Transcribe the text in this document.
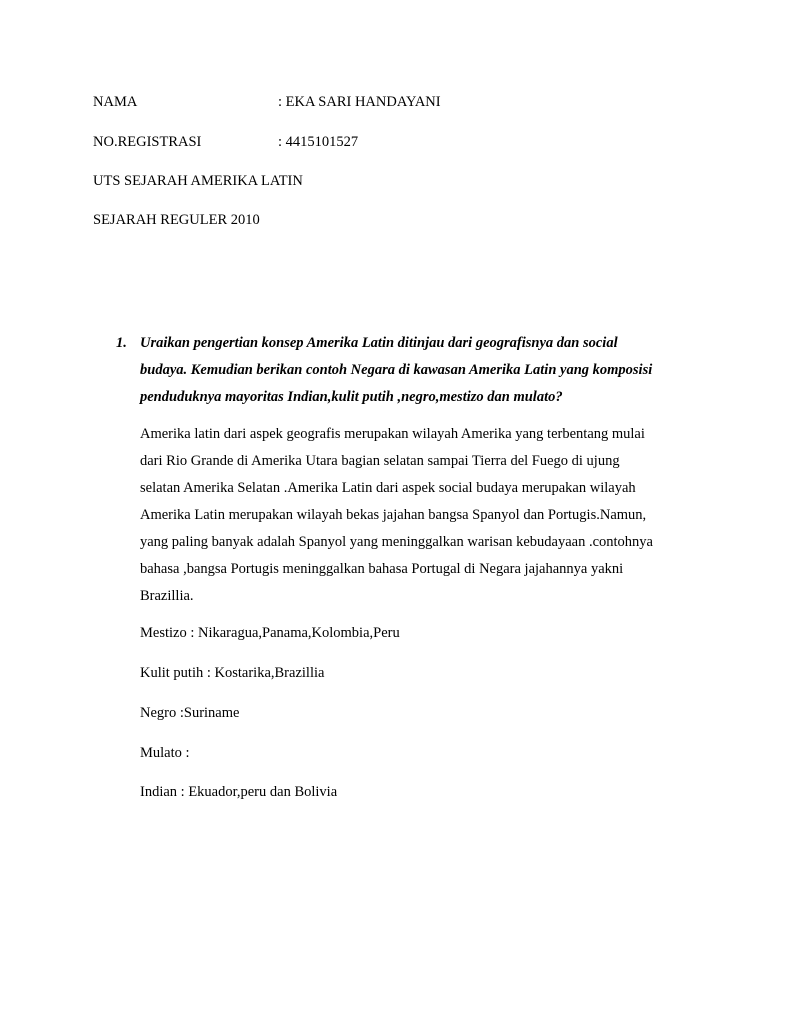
NAMA	: EKA SARI HANDAYANI
NO.REGISTRASI	: 4415101527
UTS SEJARAH AMERIKA LATIN
SEJARAH REGULER 2010
1. Uraikan pengertian konsep Amerika Latin ditinjau dari geografisnya dan social
budaya. Kemudian berikan contoh Negara di kawasan Amerika Latin yang komposisi
penduduknya mayoritas Indian,kulit putih ,negro,mestizo dan mulato?
Amerika latin dari aspek geografis merupakan wilayah Amerika yang terbentang mulai
dari Rio Grande di Amerika Utara bagian selatan sampai Tierra del Fuego di ujung
selatan Amerika Selatan .Amerika Latin dari aspek social budaya merupakan wilayah
Amerika Latin merupakan wilayah bekas jajahan bangsa Spanyol dan Portugis.Namun,
yang paling banyak adalah Spanyol yang meninggalkan warisan kebudayaan .contohnya
bahasa ,bangsa Portugis meninggalkan bahasa Portugal di Negara jajahannya yakni
Brazillia.
Mestizo : Nikaragua,Panama,Kolombia,Peru
Kulit putih : Kostarika,Brazillia
Negro :Suriname
Mulato :
Indian : Ekuador,peru dan Bolivia
